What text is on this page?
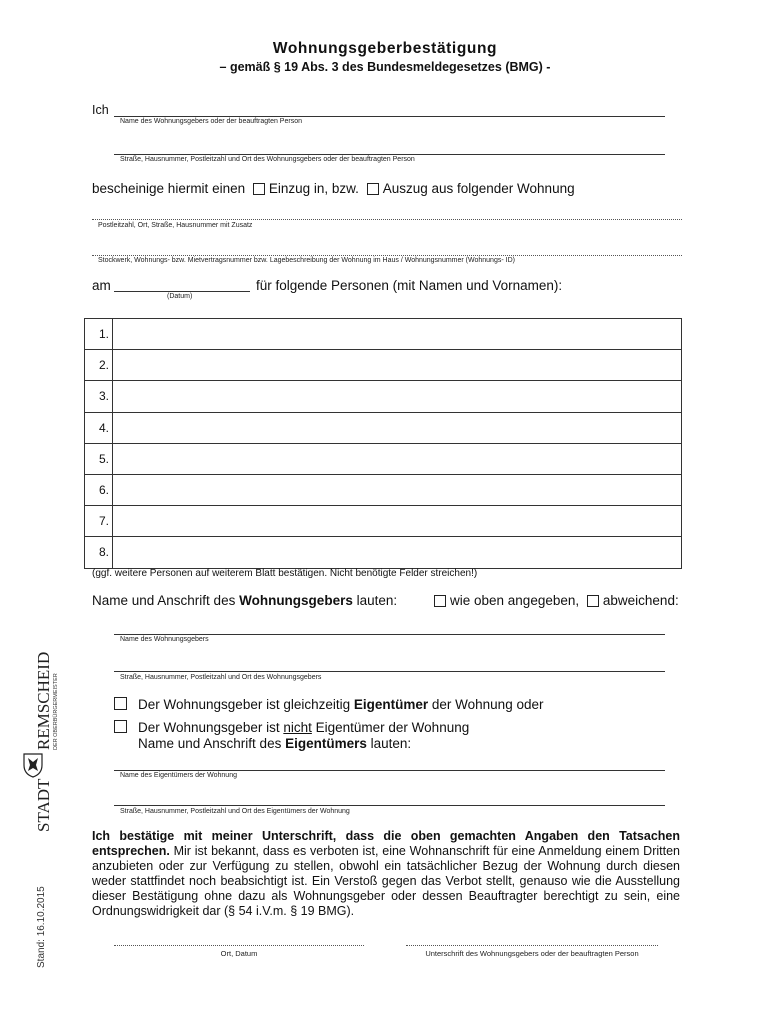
Wohnungsgeberbestätigung
– gemäß § 19 Abs. 3 des Bundesmeldegesetzes (BMG) -
Ich
Name des Wohnungsgebers oder der beauftragten Person
Straße, Hausnummer, Postleitzahl und Ort des Wohnungsgebers oder der beauftragten Person
bescheinige hiermit einen Einzug in, bzw. Auszug aus folgender Wohnung
Postleitzahl, Ort, Straße, Hausnummer mit Zusatz
Stockwerk, Wohnungs- bzw. Mietvertragsnummer bzw. Lagebeschreibung der Wohnung im Haus / Wohnungsnummer (Wohnungs- ID)
am
(Datum)
für folgende Personen (mit Namen und Vornamen):
1.	
2.	
3.	
4.	
5.	
6.	
7.	
8.	
(ggf. weitere Personen auf weiterem Blatt bestätigen. Nicht benötigte Felder streichen!)
Name und Anschrift des Wohnungsgebers lauten:	wie oben angegeben, abweichend:
Name des Wohnungsgebers
Straße, Hausnummer, Postleitzahl und Ort des Wohnungsgebers
Der Wohnungsgeber ist gleichzeitig Eigentümer der Wohnung oder
Der Wohnungsgeber ist nicht Eigentümer der Wohnung
Name und Anschrift des Eigentümers lauten:
Name des Eigentümers der Wohnung
Straße, Hausnummer, Postleitzahl und Ort des Eigentümers der Wohnung
Ich bestätige mit meiner Unterschrift, dass die oben gemachten Angaben den Tatsachen entsprechen. Mir ist bekannt, dass es verboten ist, eine Wohnanschrift für eine Anmeldung einem Dritten anzubieten oder zur Verfügung zu stellen, obwohl ein tatsächlicher Bezug der Wohnung durch diesen weder stattfindet noch beabsichtigt ist. Ein Verstoß gegen das Verbot stellt, genauso wie die Ausstellung dieser Bestätigung ohne dazu als Wohnungsgeber oder dessen Beauftragter berechtigt zu sein, eine Ordnungswidrigkeit dar (§ 54 i.V.m. § 19 BMG).
Ort, Datum	Unterschrift des Wohnungsgebers oder der beauftragten Person
Stand: 16.10.2015
STADT
REMSCHEID DER OBERBÜRGERMEISTER
